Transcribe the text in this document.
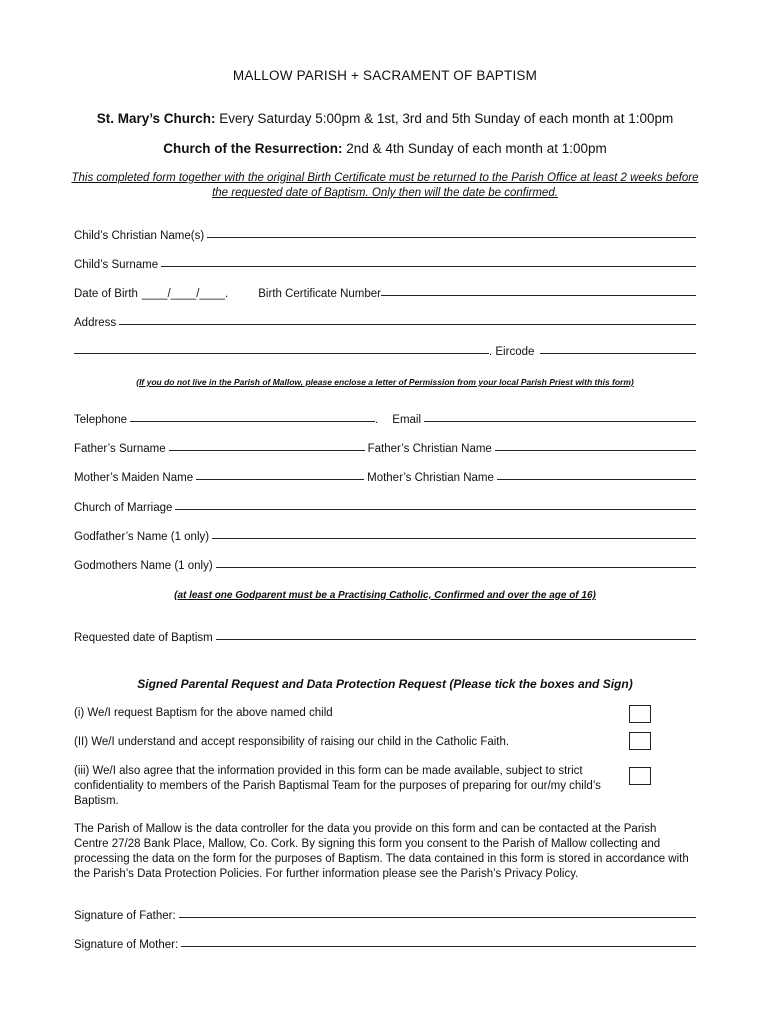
MALLOW PARISH + SACRAMENT OF BAPTISM
St. Mary’s Church: Every Saturday 5:00pm & 1st, 3rd and 5th Sunday of each month at 1:00pm
Church of the Resurrection: 2nd & 4th Sunday of each month at 1:00pm
This completed form together with the original Birth Certificate must be returned to the Parish Office at least 2 weeks before the requested date of Baptism. Only then will the date be confirmed.
Child’s Christian Name(s)
Child’s Surname
Date of Birth ____/____/____.	Birth Certificate Number
Address
. Eircode
(If you do not live in the Parish of Mallow, please enclose a letter of Permission from your local Parish Priest with this form)
Telephone	. Email
Father’s Surname	Father’s Christian Name
Mother’s Maiden Name	Mother’s Christian Name
Church of Marriage
Godfather’s Name (1 only)
Godmothers Name (1 only)
(at least one Godparent must be a Practising Catholic, Confirmed and over the age of 16)
Requested date of Baptism
Signed Parental Request and Data Protection Request (Please tick the boxes and Sign)
(i) We/I request Baptism for the above named child
(II) We/I understand and accept responsibility of raising our child in the Catholic Faith.
(iii) We/I also agree that the information provided in this form can be made available, subject to strict confidentiality to members of the Parish Baptismal Team for the purposes of preparing for our/my child’s Baptism.
The Parish of Mallow is the data controller for the data you provide on this form and can be contacted at the Parish Centre 27/28 Bank Place, Mallow, Co. Cork. By signing this form you consent to the Parish of Mallow collecting and processing the data on the form for the purposes of Baptism. The data contained in this form is stored in accordance with the Parish’s Data Protection Policies. For further information please see the Parish’s Privacy Policy.
Signature of Father:
Signature of Mother:
